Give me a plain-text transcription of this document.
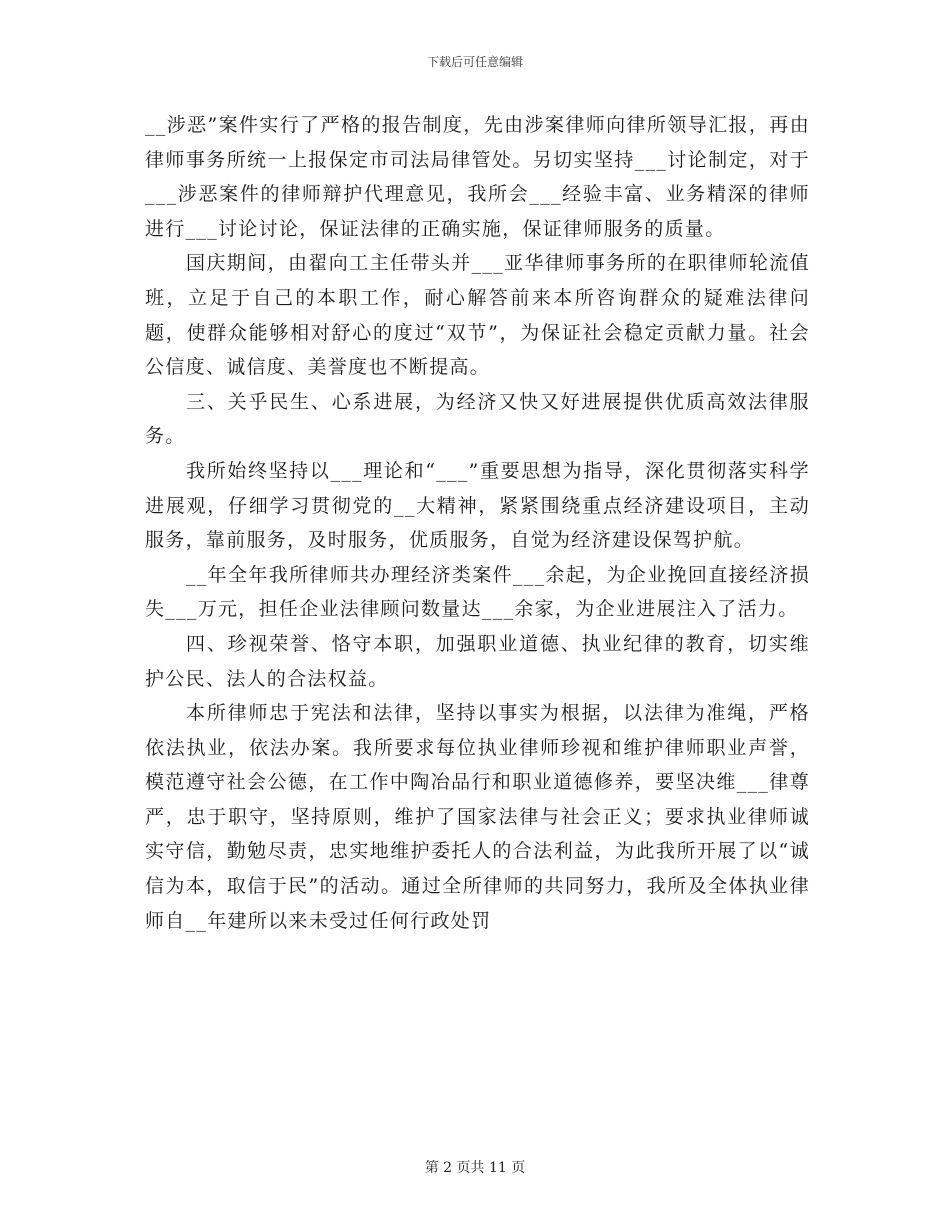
下载后可任意编辑

__涉恶”案件实行了严格的报告制度，先由涉案律师向律所领导汇报，再由律师事务所统一上报保定市司法局律管处。另切实坚持___讨论制定，对于___涉恶案件的律师辩护代理意见，我所会___经验丰富、业务精深的律师进行___讨论讨论，保证法律的正确实施，保证律师服务的质量。

国庆期间，由翟向工主任带头并___亚华律师事务所的在职律师轮流值班，立足于自己的本职工作，耐心解答前来本所咨询群众的疑难法律问题，使群众能够相对舒心的度过“双节”，为保证社会稳定贡献力量。社会公信度、诚信度、美誉度也不断提高。

三、关乎民生、心系进展，为经济又快又好进展提供优质高效法律服务。

我所始终坚持以___理论和“___”重要思想为指导，深化贯彻落实科学进展观，仔细学习贯彻党的__大精神，紧紧围绕重点经济建设项目，主动服务，靠前服务，及时服务，优质服务，自觉为经济建设保驾护航。

__年全年我所律师共办理经济类案件___余起，为企业挽回直接经济损失___万元，担任企业法律顾问数量达___余家，为企业进展注入了活力。

四、珍视荣誉、恪守本职，加强职业道德、执业纪律的教育，切实维护公民、法人的合法权益。

本所律师忠于宪法和法律，坚持以事实为根据，以法律为准绳，严格依法执业，依法办案。我所要求每位执业律师珍视和维护律师职业声誉，模范遵守社会公德，在工作中陶冶品行和职业道德修养，要坚决维___律尊严，忠于职守，坚持原则，维护了国家法律与社会正义；要求执业律师诚实守信，勤勉尽责，忠实地维护委托人的合法利益，为此我所开展了以“诚信为本，取信于民”的活动。通过全所律师的共同努力，我所及全体执业律师自__年建所以来未受过任何行政处罚

第 2 页共 11 页
